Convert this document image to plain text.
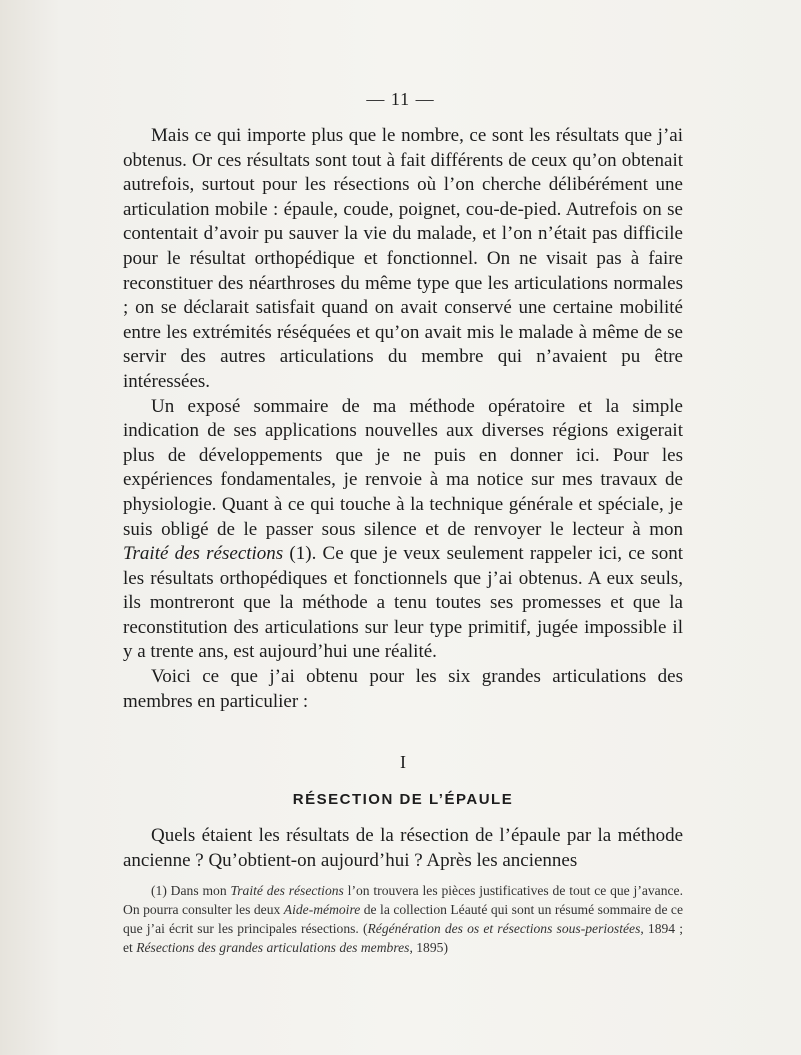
— 11 —

Mais ce qui importe plus que le nombre, ce sont les résultats que j’ai obtenus. Or ces résultats sont tout à fait différents de ceux qu’on obtenait autrefois, surtout pour les résections où l’on cherche délibérément une articulation mobile : épaule, coude, poignet, cou-de-pied. Autrefois on se contentait d’avoir pu sauver la vie du malade, et l’on n’était pas difficile pour le résultat orthopédique et fonctionnel. On ne visait pas à faire reconstituer des néarthroses du même type que les articulations normales ; on se déclarait satisfait quand on avait conservé une certaine mobilité entre les extrémités réséquées et qu’on avait mis le malade à même de se servir des autres articulations du membre qui n’avaient pu être intéressées.

Un exposé sommaire de ma méthode opératoire et la simple indication de ses applications nouvelles aux diverses régions exigerait plus de développements que je ne puis en donner ici. Pour les expériences fondamentales, je renvoie à ma notice sur mes travaux de physiologie. Quant à ce qui touche à la technique générale et spéciale, je suis obligé de le passer sous silence et de renvoyer le lecteur à mon Traité des résections (1). Ce que je veux seulement rappeler ici, ce sont les résultats orthopédiques et fonctionnels que j’ai obtenus. A eux seuls, ils montreront que la méthode a tenu toutes ses promesses et que la reconstitution des articulations sur leur type primitif, jugée impossible il y a trente ans, est aujourd’hui une réalité.

Voici ce que j’ai obtenu pour les six grandes articulations des membres en particulier :

I
RÉSECTION DE L’ÉPAULE

Quels étaient les résultats de la résection de l’épaule par la méthode ancienne ? Qu’obtient-on aujourd’hui ? Après les anciennes

(1) Dans mon Traité des résections l’on trouvera les pièces justificatives de tout ce que j’avance. On pourra consulter les deux Aide-mémoire de la collection Léauté qui sont un résumé sommaire de ce que j’ai écrit sur les principales résections. (Régénération des os et résections sous-periostées, 1894 ; et Résections des grandes articulations des membres, 1895)
